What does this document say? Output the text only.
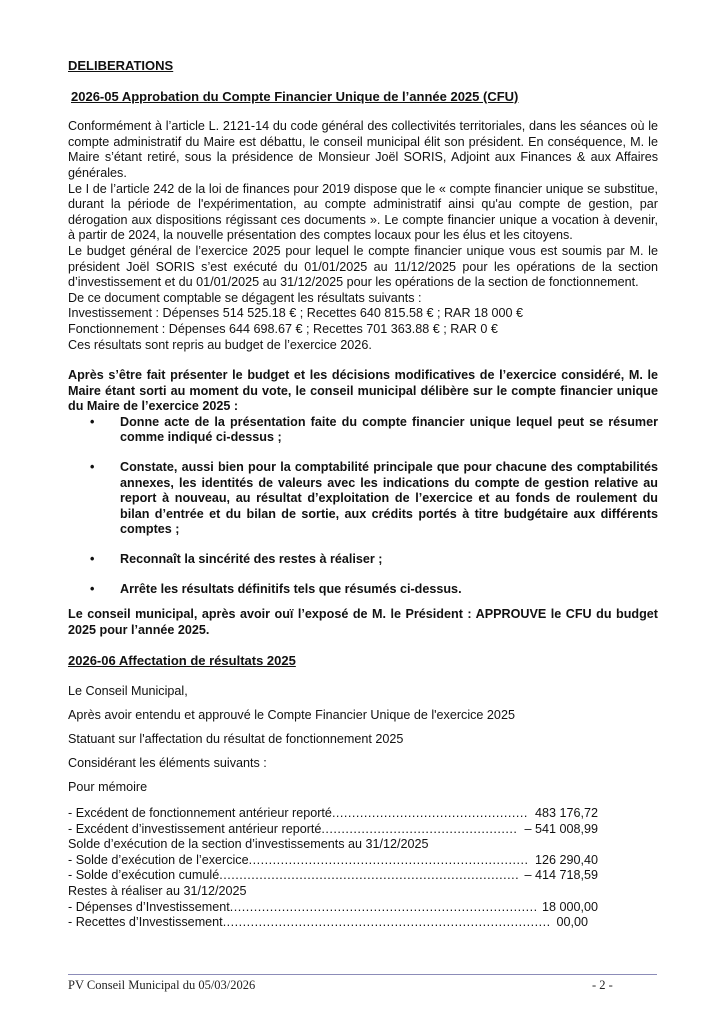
DELIBERATIONS
2026-05 Approbation du Compte Financier Unique de l’année 2025 (CFU)

Conformément à l’article L. 2121-14 du code général des collectivités territoriales, dans les séances où le compte administratif du Maire est débattu, le conseil municipal élit son président. En conséquence, M. le Maire s’étant retiré, sous la présidence de Monsieur Joël SORIS, Adjoint aux Finances & aux Affaires générales.

Le I de l’article 242 de la loi de finances pour 2019 dispose que le « compte financier unique se substitue, durant la période de l'expérimentation, au compte administratif ainsi qu'au compte de gestion, par dérogation aux dispositions régissant ces documents ». Le compte financier unique a vocation à devenir, à partir de 2024, la nouvelle présentation des comptes locaux pour les élus et les citoyens.

Le budget général de l’exercice 2025 pour lequel le compte financier unique vous est soumis par M. le président Joël SORIS s’est exécuté du 01/01/2025 au 11/12/2025 pour les opérations de la section d’investissement et du 01/01/2025 au 31/12/2025 pour les opérations de la section de fonctionnement.

De ce document comptable se dégagent les résultats suivants :

Investissement : Dépenses 514 525.18 € ; Recettes 640 815.58 € ; RAR 18 000 €

Fonctionnement : Dépenses 644 698.67 € ; Recettes 701 363.88 € ; RAR 0 €

Ces résultats sont repris au budget de l’exercice 2026.

Après s’être fait présenter le budget et les décisions modificatives de l’exercice considéré, M. le Maire étant sorti au moment du vote, le conseil municipal délibère sur le compte financier unique du Maire de l’exercice 2025 :

• Donne acte de la présentation faite du compte financier unique lequel peut se résumer comme indiqué ci-dessus ;
• Constate, aussi bien pour la comptabilité principale que pour chacune des comptabilités annexes, les identités de valeurs avec les indications du compte de gestion relative au report à nouveau, au résultat d’exploitation de l’exercice et au fonds de roulement du bilan d’entrée et du bilan de sortie, aux crédits portés à titre budgétaire aux différents comptes ;
• Reconnaît la sincérité des restes à réaliser ;
• Arrête les résultats définitifs tels que résumés ci-dessus.

Le conseil municipal, après avoir ouï l’exposé de M. le Président : APPROUVE le CFU du budget 2025 pour l’année 2025.

2026-06 Affectation de résultats 2025
Le Conseil Municipal,
Après avoir entendu et approuvé le Compte Financier Unique de l'exercice 2025
Statuant sur l'affectation du résultat de fonctionnement 2025
Considérant les éléments suivants :
Pour mémoire
- Excédent de fonctionnement antérieur reporté .....	483 176,72
- Excédent d’investissement antérieur reporté .....	– 541 008,99
Solde d’exécution de la section d’investissements au 31/12/2025
- Solde d’exécution de l’exercice .....	126 290,40
- Solde d’exécution cumulé .....	– 414 718,59
Restes à réaliser au 31/12/2025
- Dépenses d’Investissement .....	18 000,00
- Recettes d’Investissement .....	00,00
PV Conseil Municipal du 05/03/2026	- 2 -
